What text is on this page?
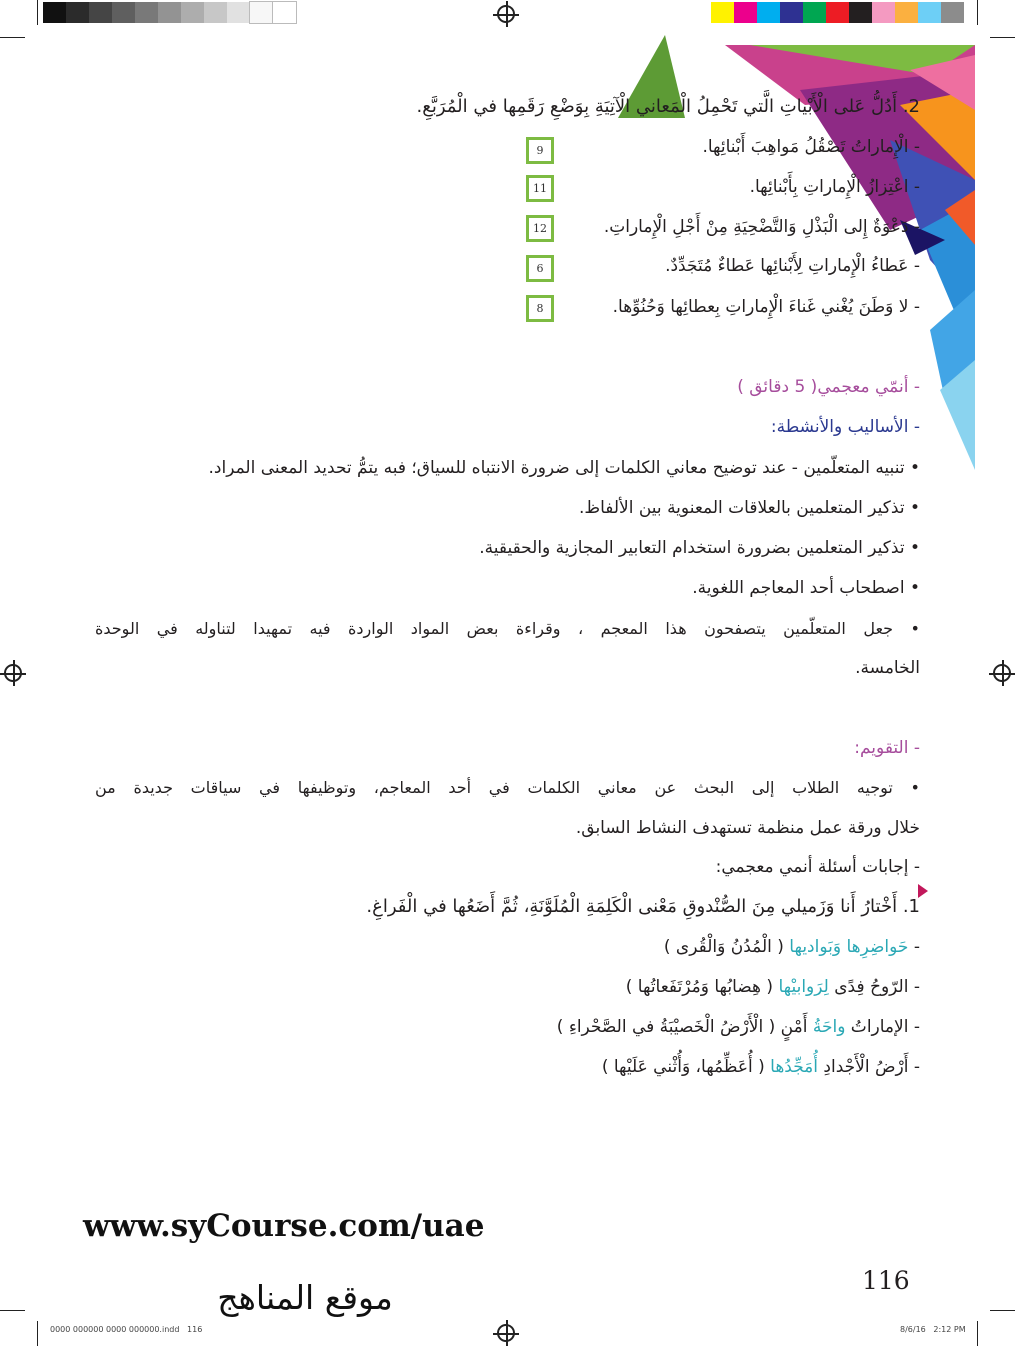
2. أَدُلُّ عَلى الْأَبْياتِ الَّتي تَحْمِلُ الْمَعاني الْآتِيَةِ بِوَضْعِ رَقَمِها في الْمُرَبَّعِ.
- الْإِماراتُ تَصْقُلُ مَواهِبَ أَبْنائِها.
9
- اعْتِزازُ الْإِماراتِ بِأَبْنائِها.
11
- دَعْوَةٌ إِلى الْبَذْلِ وَالتَّضْحِيَةِ مِنْ أَجْلِ الْإِماراتِ.
12
- عَطاءُ الْإِماراتِ لِأَبْنائِها عَطاءٌ مُتَجَدِّدٌ.
6
- لا وَطَنَ يُغْني غَناءَ الْإِماراتِ بِعطائِها وَحُنُوِّها.
8
- أنمّي معجمي( 5 دقائق )
- الأساليب والأنشطة:
• تنبيه المتعلّمين - عند توضيح معاني الكلمات إلى ضرورة الانتباه للسياق؛ فبه يتمُّ تحديد المعنى المراد.
• تذكير المتعلمين بالعلاقات المعنوية بين الألفاظ.
• تذكير المتعلمين بضرورة استخدام التعابير المجازية والحقيقية.
• اصطحاب أحد المعاجم اللغوية.
• جعل المتعلّمين يتصفحون هذا المعجم ، وقراءة بعض المواد الواردة فيه تمهيدا لتناوله في الوحدة
الخامسة.
- التقويم:
• توجيه الطلاب إلى البحث عن معاني الكلمات في أحد المعاجم، وتوظيفها في سياقات جديدة من
خلال ورقة عمل منظمة تستهدف النشاط السابق.
- إجابات أسئلة أنمي معجمي:
1. أَخْتارُ أَنا وَزَميلي مِنَ الصُّنْدوقِ مَعْنى الْكَلِمَةِ الْمُلَوَّنَةِ، ثُمَّ أَضَعُها في الْفَراغِ.
- حَواضِرِها وَبَواديها ( الْمُدُنُ وَالْقُرى )
- الرّوحُ فِدًى لِرَوابيْها ( هِضابُها وَمُرْتَفَعاتُها )
- الإماراتُ واحَةُ أَمْنٍ ( الْأَرْضُ الْخَصيْبَةُ في الصَّحْراءِ )
- أَرْضُ الْأَجْدادِ أُمَجِّدُها ( أُعَظِّمُها، وَأُثْني عَلَيْها )
www.syCourse.com/uae
موقع المناهج	116
0000 000000 0000 000000.indd   116	8/6/16   2:12 PM
